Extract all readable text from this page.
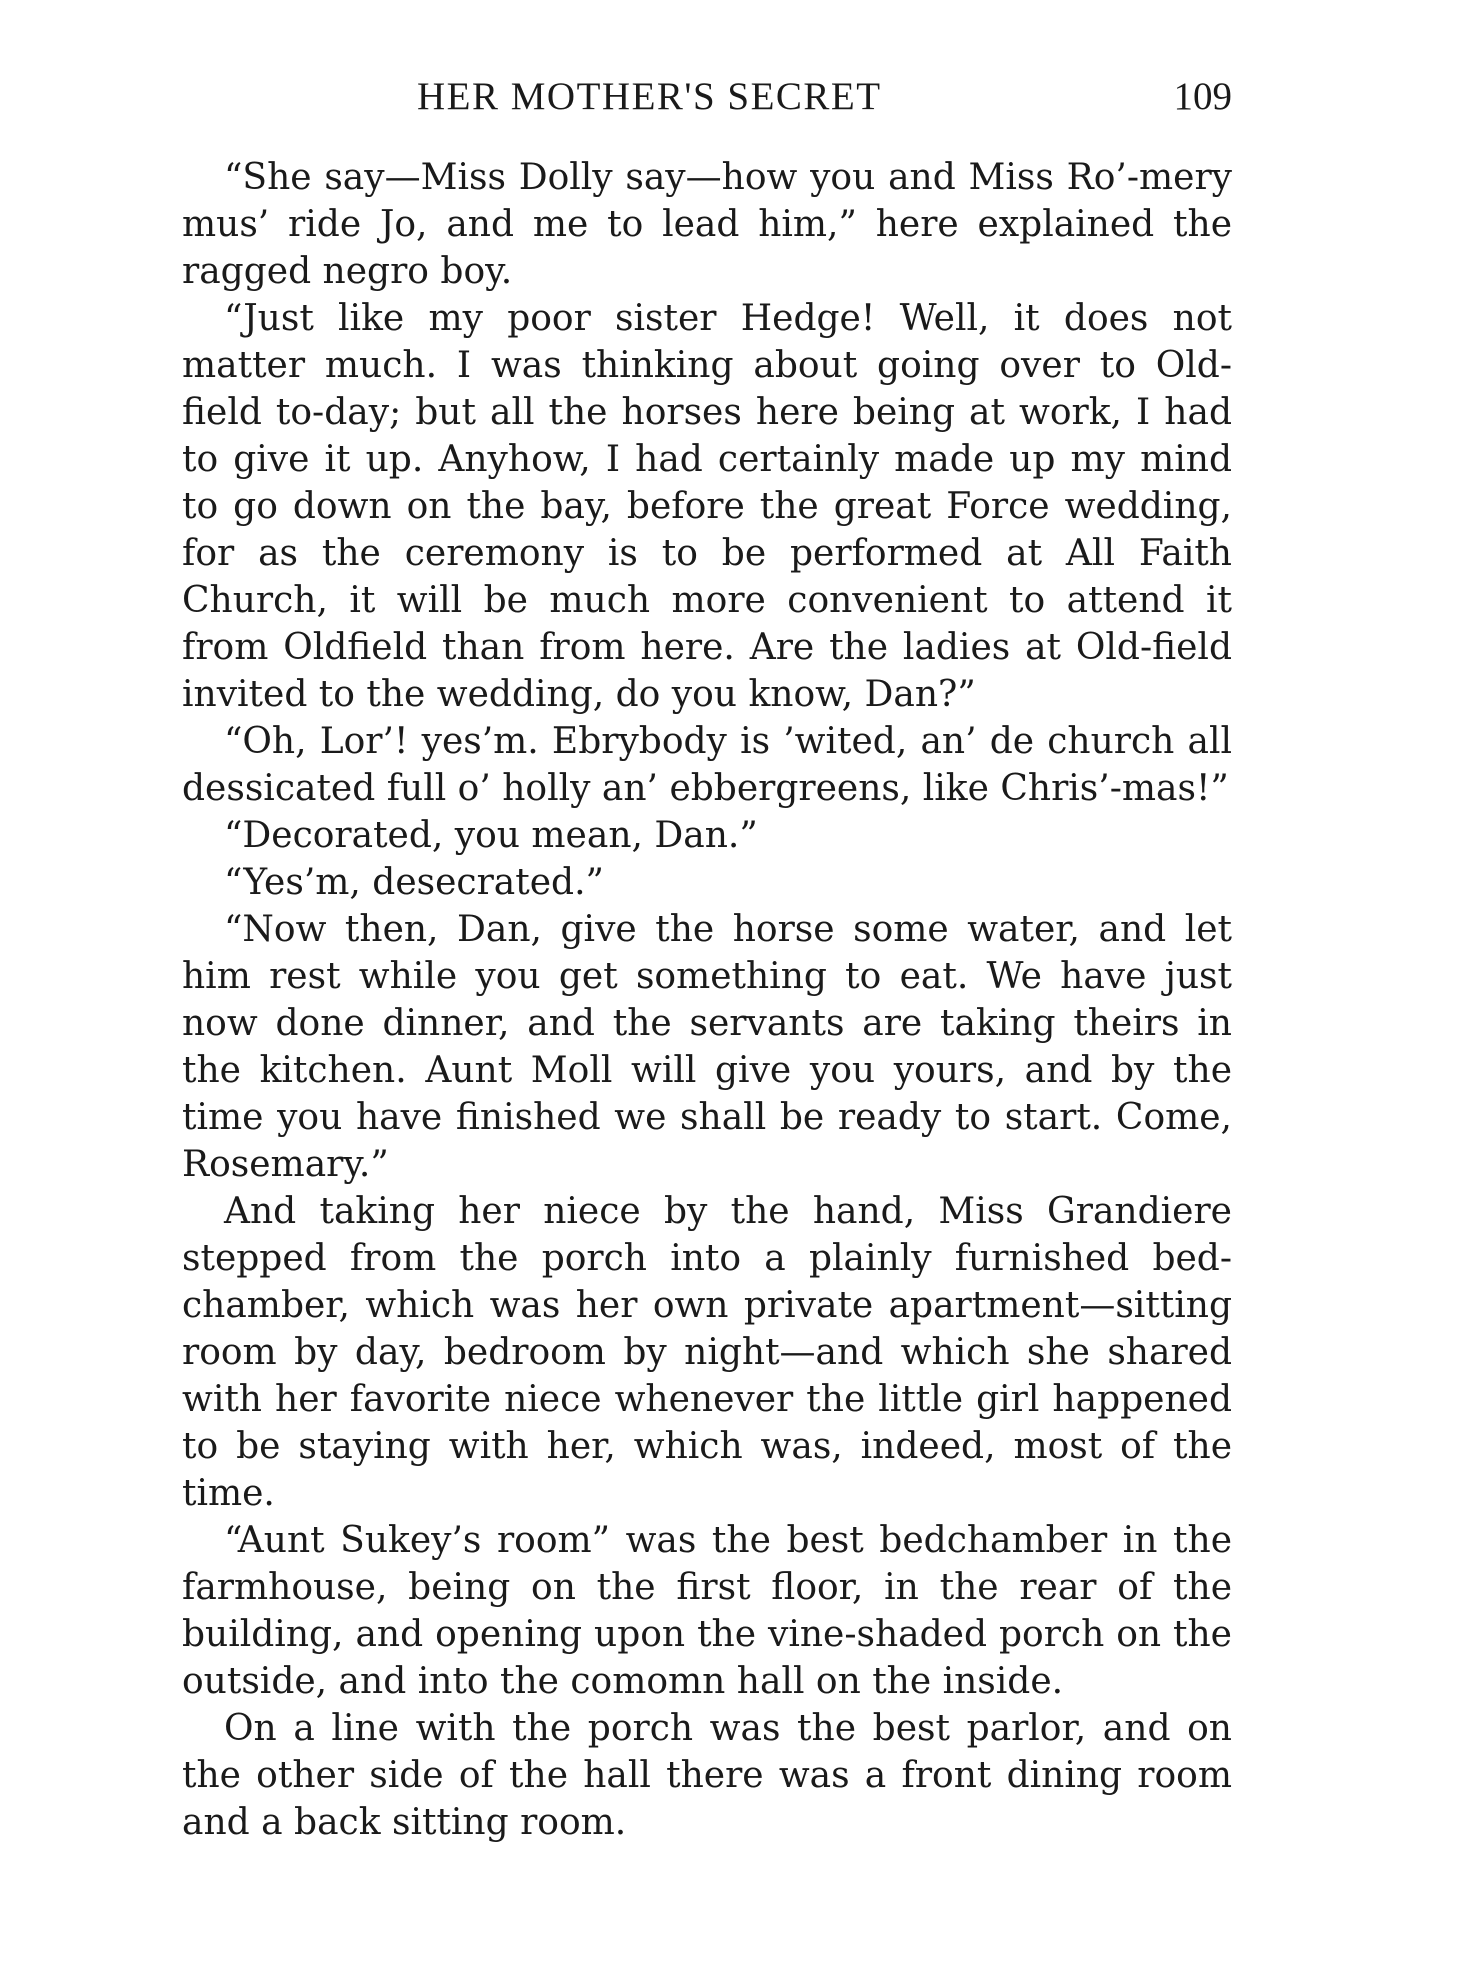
HER MOTHER'S SECRET	109

“She say—Miss Dolly say—how you and Miss Ro’-mery mus’ ride Jo, and me to lead him,” here explained the ragged negro boy.

“Just like my poor sister Hedge! Well, it does not matter much. I was thinking about going over to Old-field to-day; but all the horses here being at work, I had to give it up. Anyhow, I had certainly made up my mind to go down on the bay, before the great Force wedding, for as the ceremony is to be performed at All Faith Church, it will be much more convenient to attend it from Oldfield than from here. Are the ladies at Old-field invited to the wedding, do you know, Dan?”

“Oh, Lor’! yes’m. Ebrybody is ’wited, an’ de church all dessicated full o’ holly an’ ebbergreens, like Chris’-mas!”

“Decorated, you mean, Dan.”

“Yes’m, desecrated.”

“Now then, Dan, give the horse some water, and let him rest while you get something to eat. We have just now done dinner, and the servants are taking theirs in the kitchen. Aunt Moll will give you yours, and by the time you have finished we shall be ready to start. Come, Rosemary.”

And taking her niece by the hand, Miss Grandiere stepped from the porch into a plainly furnished bed-chamber, which was her own private apartment—sitting room by day, bedroom by night—and which she shared with her favorite niece whenever the little girl happened to be staying with her, which was, indeed, most of the time.

“Aunt Sukey’s room” was the best bedchamber in the farmhouse, being on the first floor, in the rear of the building, and opening upon the vine-shaded porch on the outside, and into the comomn hall on the inside.

On a line with the porch was the best parlor, and on the other side of the hall there was a front dining room and a back sitting room.
